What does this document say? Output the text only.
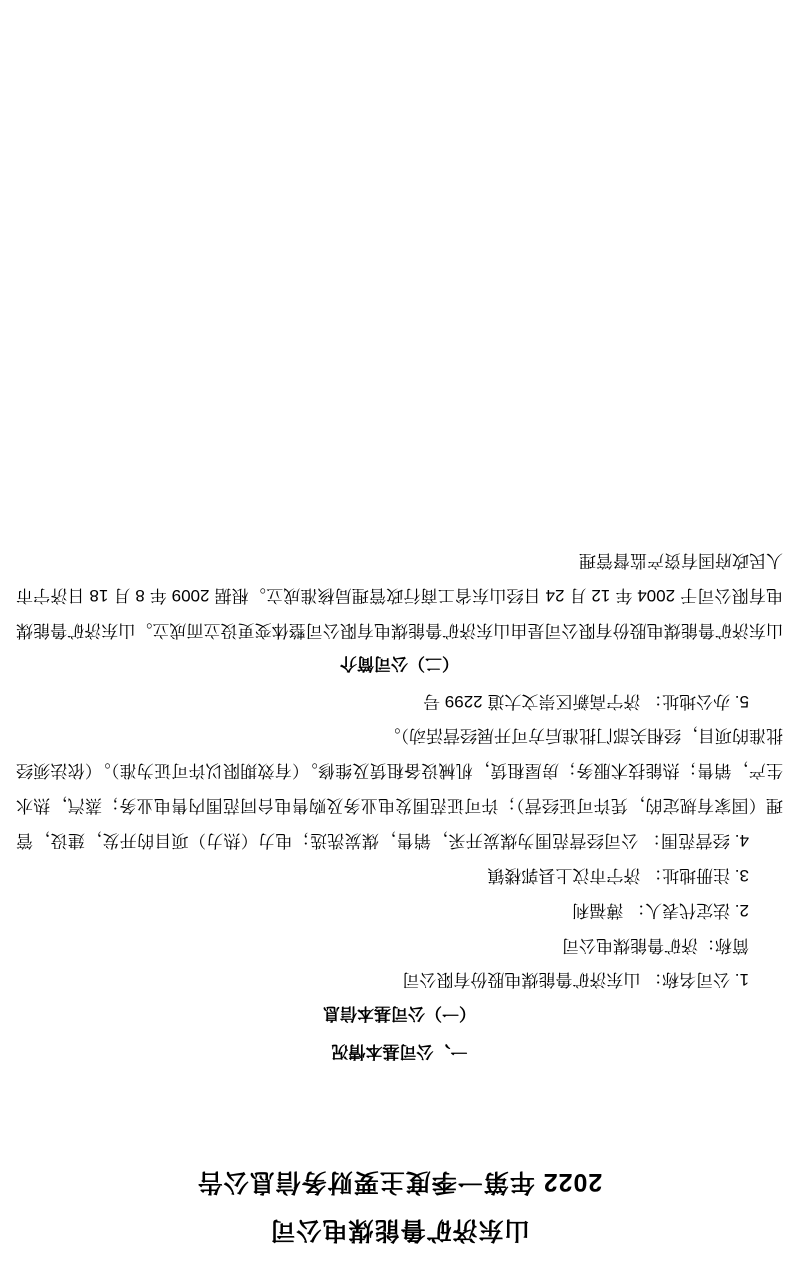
山东济矿鲁能煤电公司
2022 年第一季度主要财务信息公告
一、公司基本情况
（一）公司基本信息

1. 公司名称： 山东济矿鲁能煤电股份有限公司

简称：济矿鲁能煤电公司

2. 法定代表人： 薄福利

3. 注册地址： 济宁市汶上县郭楼镇

4. 经营范围： 公司经营范围为煤炭开采，销售，煤炭洗选；电力（热力）项目的开发，建设，管理（国家有规定的，凭许可证经营）；许可证范围发电业务及购售电台同范围内售电业务；蒸汽，热水生产，销售；热能技术服务；房屋租赁，机械设备租赁及维修。（有效期限以许可证为准）。（依法须经批准的项目，经相关部门批准后方可开展经营活动）。

5. 办公地址： 济宁高新区崇文大道 2299 号

（二）公司简介

山东济矿鲁能煤电股份有限公司是由山东济矿鲁能煤电有限公司整体变更设立而成立。山东济矿鲁能煤电有限公司于 2004 年 12 月 24 日经山东省工商行政管理局核准成立。根据 2009 年 8 月 18 日济宁市人民政府国有资产监督管理
